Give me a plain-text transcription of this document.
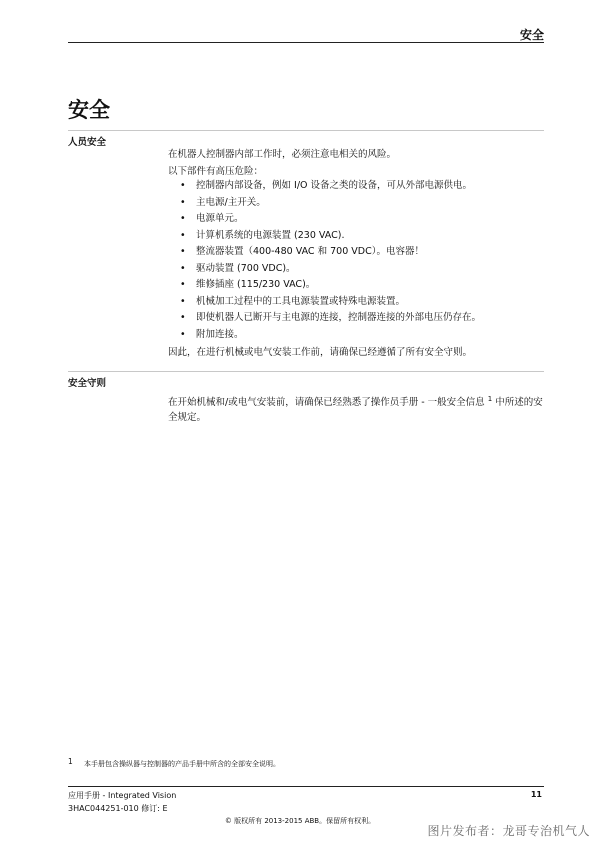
安全
安全
人员安全
在机器人控制器内部工作时，必须注意电相关的风险。
以下部件有高压危险：
• 控制器内部设备，例如 I/O 设备之类的设备，可从外部电源供电。
• 主电源/主开关。
• 电源单元。
• 计算机系统的电源装置 (230 VAC).
• 整流器装置（400-480 VAC 和 700 VDC）。电容器！
• 驱动装置 (700 VDC)。
• 维修插座 (115/230 VAC)。
• 机械加工过程中的工具电源装置或特殊电源装置。
• 即使机器人已断开与主电源的连接，控制器连接的外部电压仍存在。
• 附加连接。
因此，在进行机械或电气安装工作前，请确保已经遵循了所有安全守则。
安全守则
在开始机械和/或电气安装前，请确保已经熟悉了操作员手册 - 一般安全信息 $^1$ 中所述的安全规定。
1 本手册包含操纵器与控制器的产品手册中所含的全部安全说明。
应用手册 - Integrated Vision
3HAC044251-010 修订: E
11
© 版权所有 2013-2015 ABB。保留所有权利。
图片发布者：龙哥专治机气人
